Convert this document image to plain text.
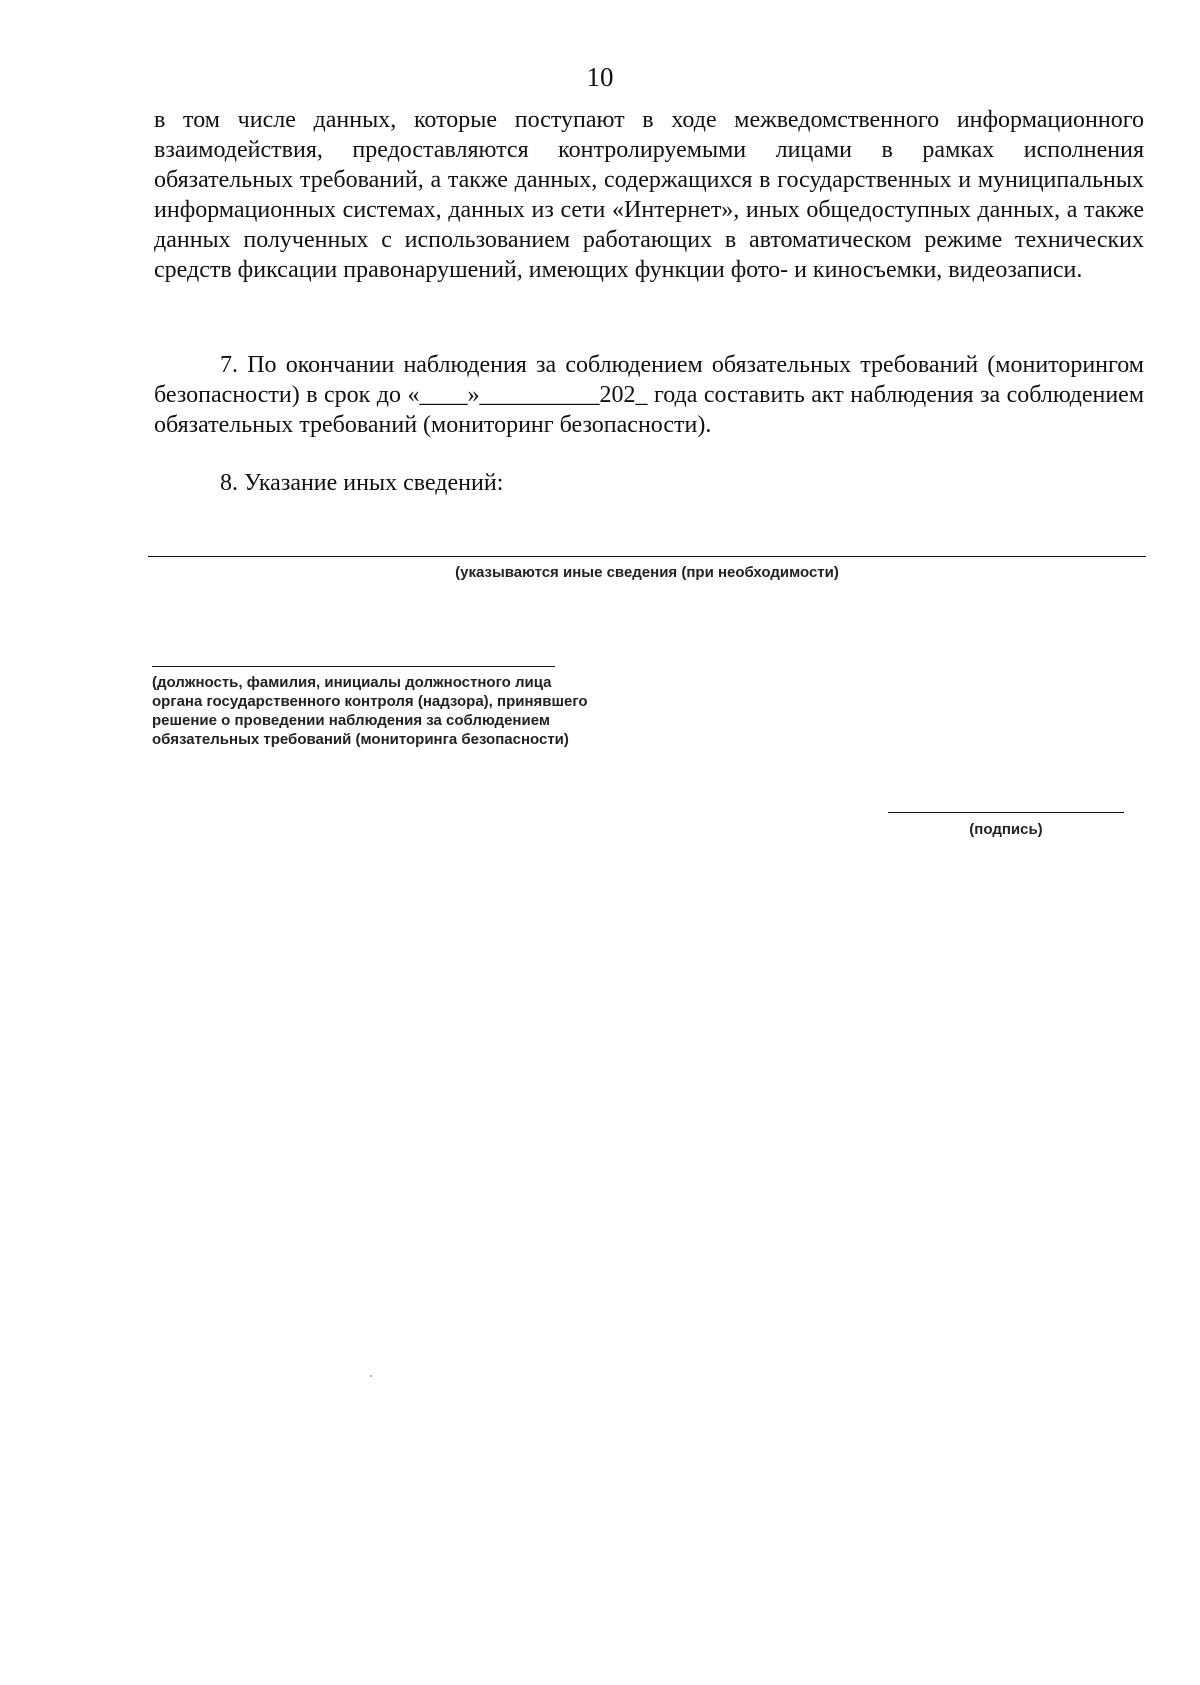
10

в том числе данных, которые поступают в ходе межведомственного информационного взаимодействия, предоставляются контролируемыми лицами в рамках исполнения обязательных требований, а также данных, содержащихся в государственных и муниципальных информационных системах, данных из сети «Интернет», иных общедоступных данных, а также данных полученных с использованием работающих в автоматическом режиме технических средств фиксации правонарушений, имеющих функции фото- и киносъемки, видеозаписи.

7. По окончании наблюдения за соблюдением обязательных требований (мониторингом безопасности) в срок до «____»__________202_ года составить акт наблюдения за соблюдением обязательных требований (мониторинг безопасности).

8. Указание иных сведений:

(указываются иные сведения (при необходимости)
(должность, фамилия, инициалы должностного лица органа государственного контроля (надзора), принявшего решение о проведении наблюдения за соблюдением обязательных требований (мониторинга безопасности)
(подпись)
